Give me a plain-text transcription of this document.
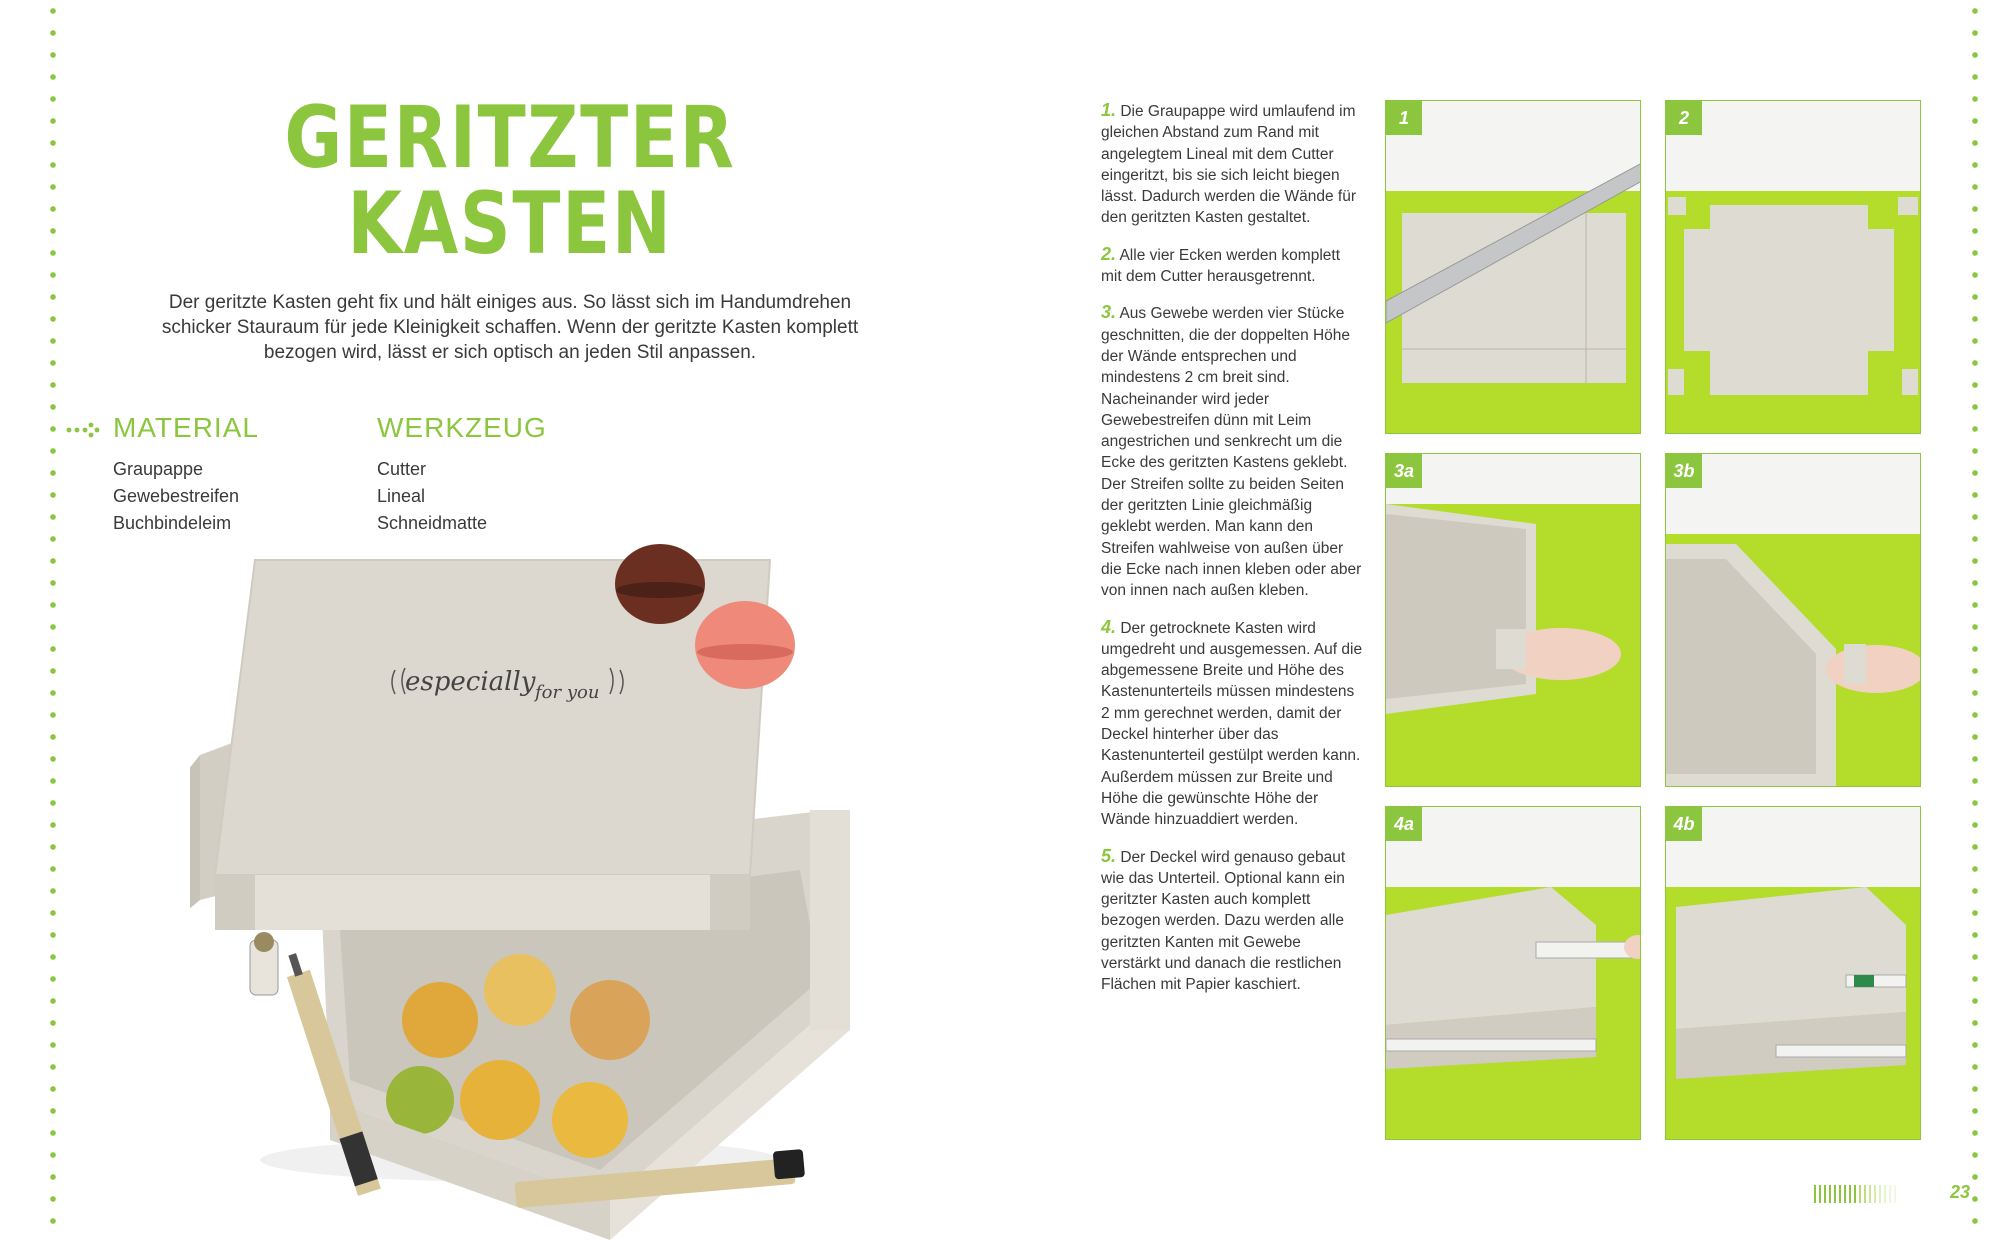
GERITZTER
KASTEN
Der geritzte Kasten geht fix und hält einiges aus. So lässt sich im Handumdrehen schicker Stauraum für jede Kleinigkeit schaffen. Wenn der geritzte Kasten komplett bezogen wird, lässt er sich optisch an jeden Stil anpassen.
MATERIAL
Graupappe
Gewebestreifen
Buchbindeleim
WERKZEUG
Cutter
Lineal
Schneidmatte
especially for you

1. Die Graupappe wird umlaufend im gleichen Abstand zum Rand mit angelegtem Lineal mit dem Cutter eingeritzt, bis sie sich leicht biegen lässt. Dadurch werden die Wände für den geritzten Kasten gestaltet.

2. Alle vier Ecken werden komplett mit dem Cutter herausgetrennt.

3. Aus Gewebe werden vier Stücke geschnitten, die der doppelten Höhe der Wände entsprechen und mindestens 2 cm breit sind. Nacheinander wird jeder Gewebestreifen dünn mit Leim angestrichen und senkrecht um die Ecke des geritzten Kastens geklebt. Der Streifen sollte zu beiden Seiten der geritzten Linie gleichmäßig geklebt werden. Man kann den Streifen wahlweise von außen über die Ecke nach innen kleben oder aber von innen nach außen kleben.

4. Der getrocknete Kasten wird umgedreht und ausgemessen. Auf die abgemessene Breite und Höhe des Kastenunterteils müssen mindestens 2 mm gerechnet werden, damit der Deckel hinterher über das Kastenunterteil gestülpt werden kann. Außerdem müssen zur Breite und Höhe die gewünschte Höhe der Wände hinzuaddiert werden.

5. Der Deckel wird genauso gebaut wie das Unterteil. Optional kann ein geritzter Kasten auch komplett bezogen werden. Dazu werden alle geritzten Kanten mit Gewebe verstärkt und danach die restlichen Flächen mit Papier kaschiert.

1	2
3a	3b
4a	4b
23
